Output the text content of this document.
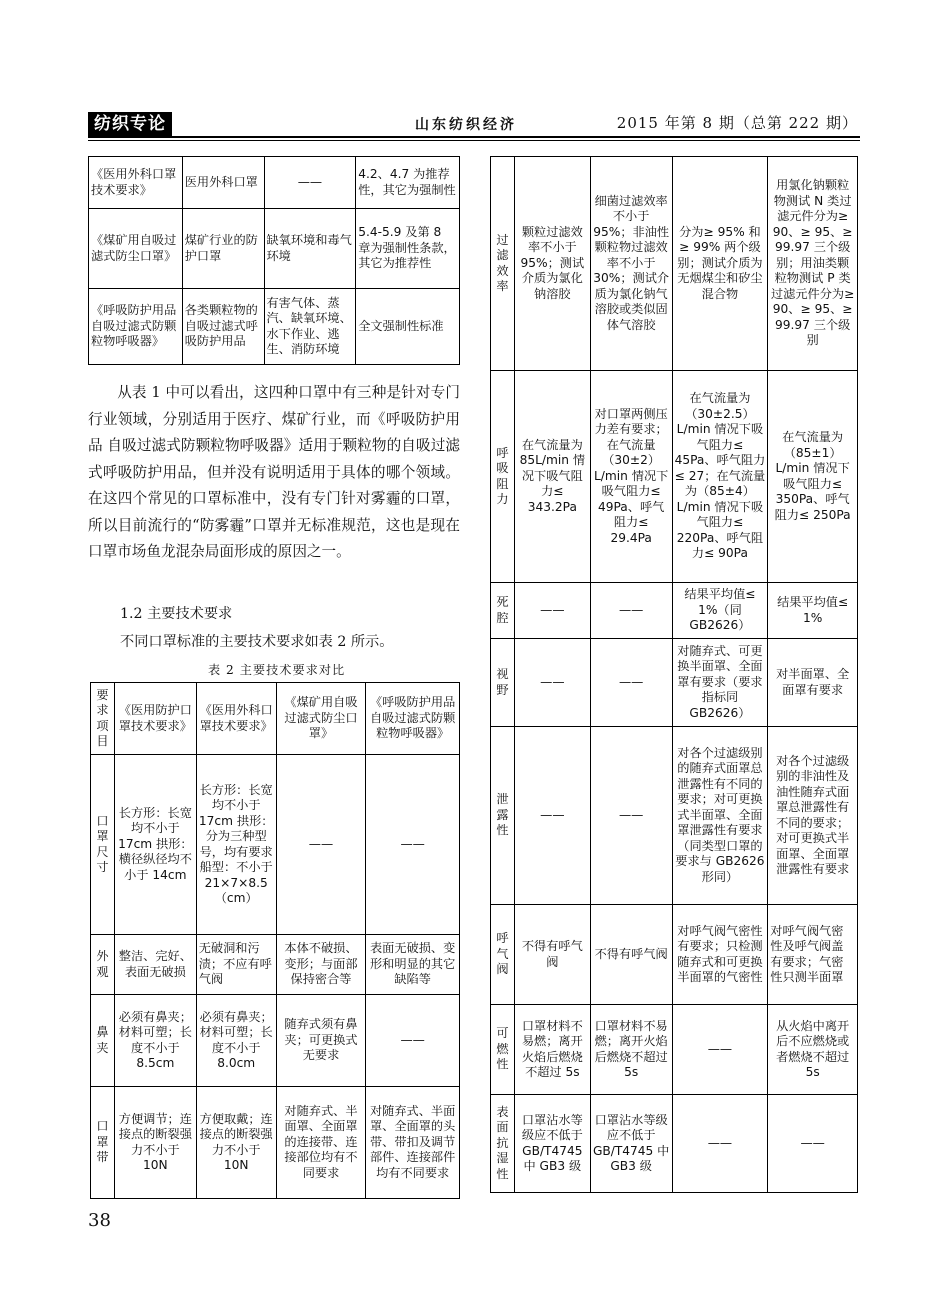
纺织专论	山东纺织经济	2015 年第 8 期（总第 222 期）
《医用外科口罩技术要求》	医用外科口罩	——	4.2、4.7 为推荐性，其它为强制性
《煤矿用自吸过滤式防尘口罩》	煤矿行业的防护口罩	缺氧环境和毒气环境	5.4-5.9 及第 8 章为强制性条款，其它为推荐性
《呼吸防护用品 自吸过滤式防颗粒物呼吸器》	各类颗粒物的自吸过滤式呼吸防护用品	有害气体、蒸汽、缺氧环境、水下作业、逃生、消防环境	全文强制性标准

从表 1 中可以看出，这四种口罩中有三种是针对专门行业领域，分别适用于医疗、煤矿行业，而《呼吸防护用品 自吸过滤式防颗粒物呼吸器》适用于颗粒物的自吸过滤式呼吸防护用品，但并没有说明适用于具体的哪个领域。在这四个常见的口罩标准中，没有专门针对雾霾的口罩，所以目前流行的“防雾霾”口罩并无标准规范，这也是现在口罩市场鱼龙混杂局面形成的原因之一。

1.2 主要技术要求
不同口罩标准的主要技术要求如表 2 所示。
表 2 主要技术要求对比
要求项目	《医用防护口罩技术要求》	《医用外科口罩技术要求》	《煤矿用自吸过滤式防尘口罩》	《呼吸防护用品 自吸过滤式防颗粒物呼吸器》
口罩尺寸	长方形：长宽均不小于 17cm 拱形：横径纵径均不小于 14cm	长方形：长宽均不小于 17cm 拱形：分为三种型号，均有要求 船型：不小于 21×7×8.5（cm）	——	——
外观	整洁、完好、表面无破损	无破洞和污渍；不应有呼气阀	本体不破损、变形；与面部保持密合等	表面无破损、变形和明显的其它缺陷等
鼻夹	必须有鼻夹；材料可塑；长度不小于 8.5cm	必须有鼻夹；材料可塑；长度不小于 8.0cm	随弃式须有鼻夹；可更换式无要求	——
口罩带	方便调节；连接点的断裂强力不小于 10N	方便取戴；连接点的断裂强力不小于 10N	对随弃式、半面罩、全面罩的连接带、连接部位均有不同要求	对随弃式、半面罩、全面罩的头带、带扣及调节部件、连接部件均有不同要求
过滤效率	颗粒过滤效率不小于 95%；测试介质为氯化钠溶胶	细菌过滤效率不小于 95%；非油性颗粒物过滤效率不小于 30%；测试介质为氯化钠气溶胶或类似固体气溶胶	分为≥ 95% 和≥ 99% 两个级别；测试介质为无烟煤尘和矽尘混合物	用氯化钠颗粒物测试 N 类过滤元件分为≥ 90、≥ 95、≥ 99.97 三个级别；用油类颗粒物测试 P 类过滤元件分为≥ 90、≥ 95、≥ 99.97 三个级别
呼吸阻力	在气流量为 85L/min 情况下吸气阻力≤ 343.2Pa	对口罩两侧压力差有要求；在气流量（30±2）L/min 情况下吸气阻力≤ 49Pa、呼气阻力≤ 29.4Pa	在气流量为（30±2.5）L/min 情况下吸气阻力≤ 45Pa、呼气阻力≤ 27；在气流量为（85±4）L/min 情况下吸气阻力≤ 220Pa、呼气阻力≤ 90Pa	在气流量为（85±1）L/min 情况下吸气阻力≤ 350Pa、呼气阻力≤ 250Pa
死腔	——	——	结果平均值≤ 1%（同 GB2626）	结果平均值≤ 1%
视野	——	——	对随弃式、可更换半面罩、全面罩有要求（要求指标同 GB2626）	对半面罩、全面罩有要求
泄露性	——	——	对各个过滤级别的随弃式面罩总泄露性有不同的要求；对可更换式半面罩、全面罩泄露性有要求（同类型口罩的要求与 GB2626 形同）	对各个过滤级别的非油性及油性随弃式面罩总泄露性有不同的要求；对可更换式半面罩、全面罩泄露性有要求
呼气阀	不得有呼气阀	不得有呼气阀	对呼气阀气密性有要求；只检测随弃式和可更换半面罩的气密性	对呼气阀气密性及呼气阀盖有要求；气密性只测半面罩
可燃性	口罩材料不易燃；离开火焰后燃烧不超过 5s	口罩材料不易燃；离开火焰后燃烧不超过 5s	——	从火焰中离开后不应燃烧或者燃烧不超过 5s
表面抗湿性	口罩沾水等级应不低于 GB/T4745 中 GB3 级	口罩沾水等级应不低于 GB/T4745 中 GB3 级	——	——
38
